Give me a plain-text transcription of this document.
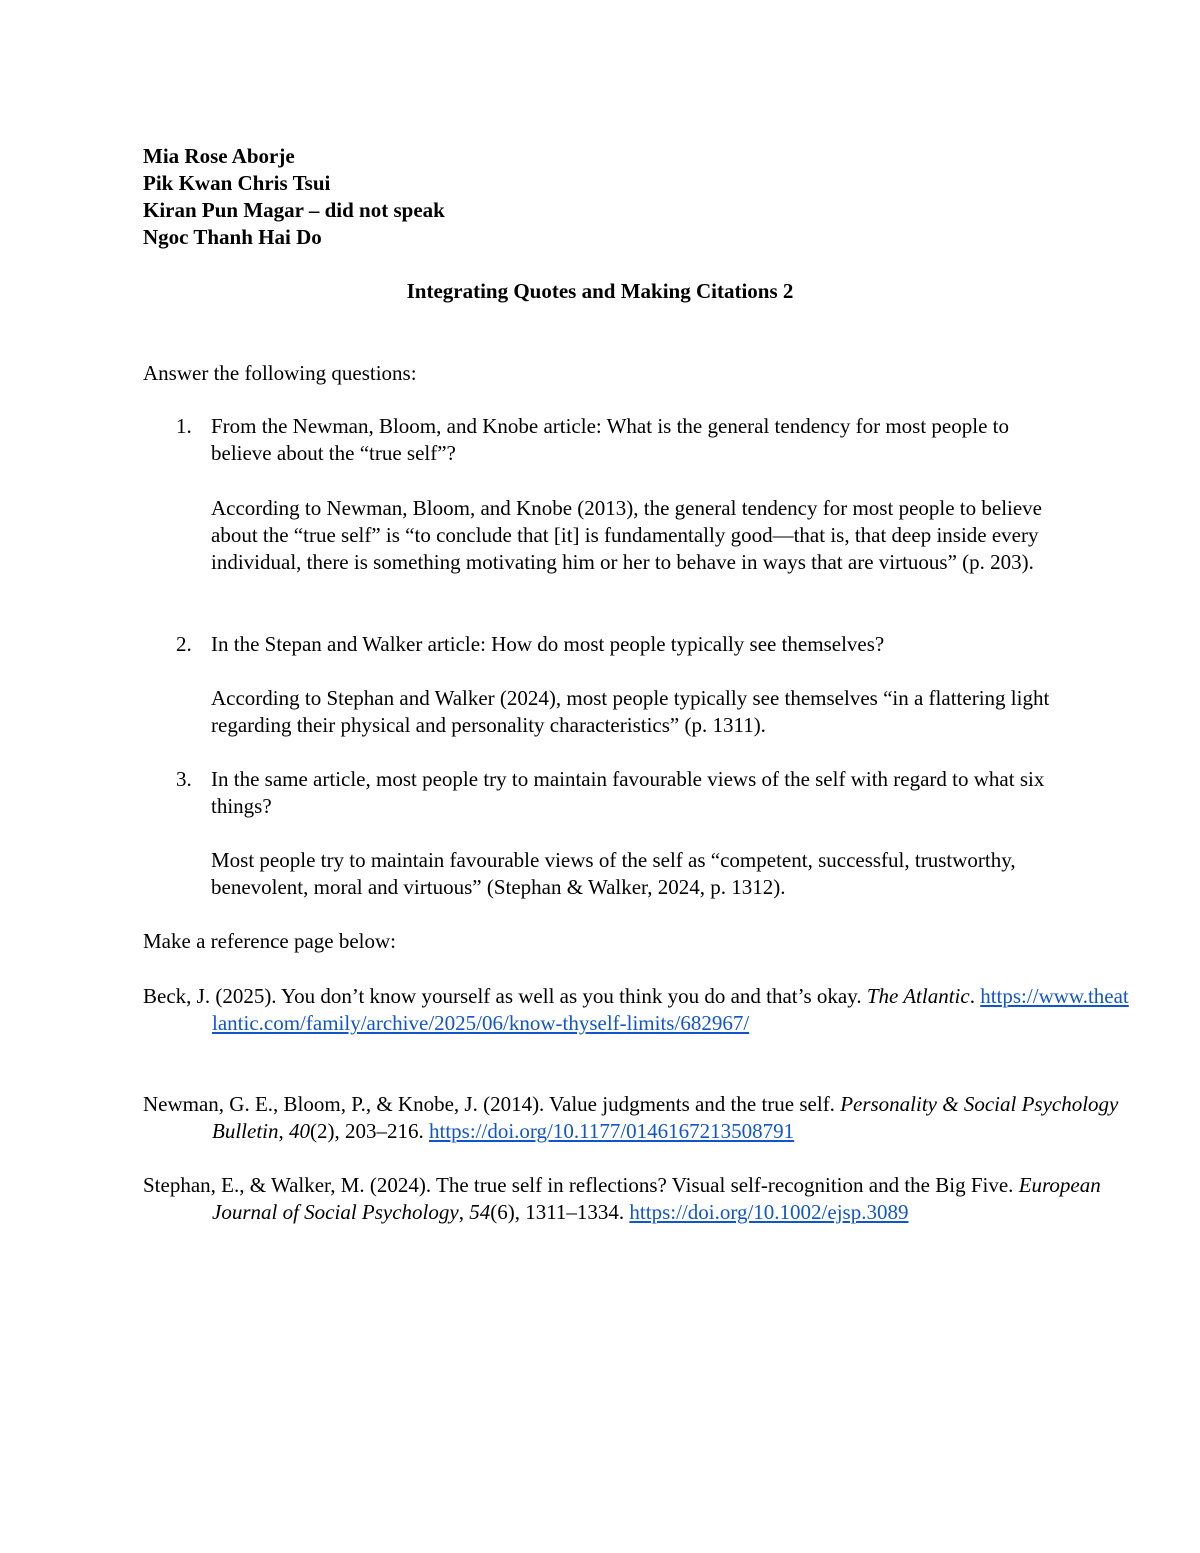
Mia Rose Aborje
Pik Kwan Chris Tsui
Kiran Pun Magar – did not speak
Ngoc Thanh Hai Do
Integrating Quotes and Making Citations 2
Answer the following questions:
1. From the Newman, Bloom, and Knobe article: What is the general tendency for most people to believe about the “true self”?
According to Newman, Bloom, and Knobe (2013), the general tendency for most people to believe about the “true self” is “to conclude that [it] is fundamentally good—that is, that deep inside every individual, there is something motivating him or her to behave in ways that are virtuous” (p. 203).
2. In the Stepan and Walker article: How do most people typically see themselves?
According to Stephan and Walker (2024), most people typically see themselves “in a flattering light regarding their physical and personality characteristics” (p. 1311).
3. In the same article, most people try to maintain favourable views of the self with regard to what six things?
Most people try to maintain favourable views of the self as “competent, successful, trustworthy, benevolent, moral and virtuous” (Stephan & Walker, 2024, p. 1312).
Make a reference page below:
Beck, J. (2025). You don’t know yourself as well as you think you do and that’s okay. The Atlantic. https://www.theatlantic.com/family/archive/2025/06/know-thyself-limits/682967/
Newman, G. E., Bloom, P., & Knobe, J. (2014). Value judgments and the true self. Personality & Social Psychology Bulletin, 40(2), 203–216. https://doi.org/10.1177/0146167213508791
Stephan, E., & Walker, M. (2024). The true self in reflections? Visual self-recognition and the Big Five. European Journal of Social Psychology, 54(6), 1311–1334. https://doi.org/10.1002/ejsp.3089
